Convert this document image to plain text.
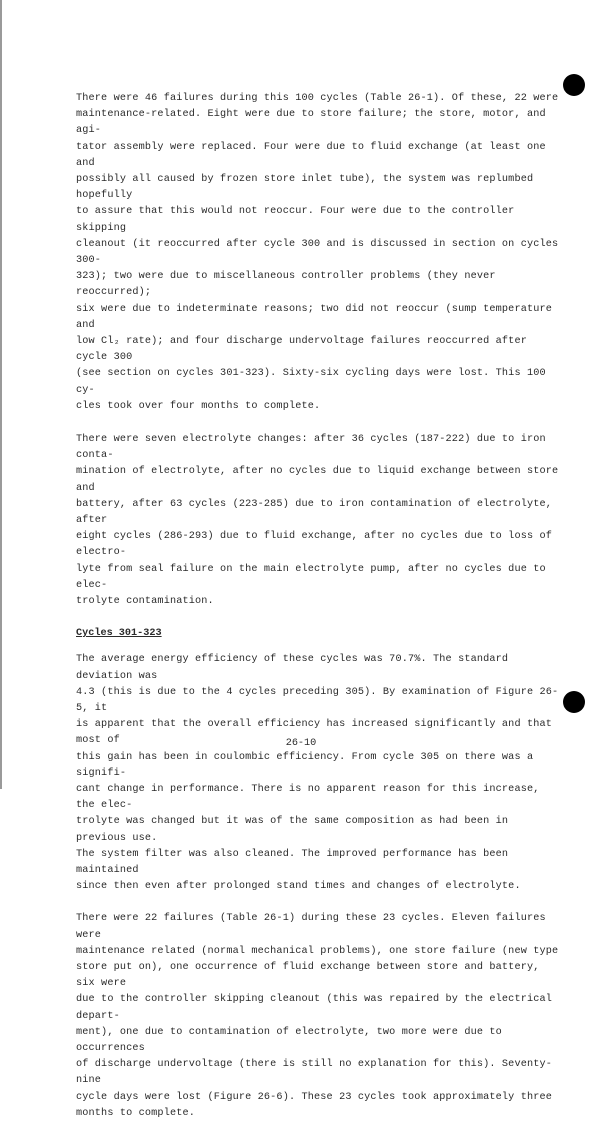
There were 46 failures during this 100 cycles (Table 26-1). Of these, 22 were
maintenance-related. Eight were due to store failure; the store, motor, and agi-
tator assembly were replaced. Four were due to fluid exchange (at least one and
possibly all caused by frozen store inlet tube), the system was replumbed hopefully
to assure that this would not reoccur. Four were due to the controller skipping
cleanout (it reoccurred after cycle 300 and is discussed in section on cycles 300-
323); two were due to miscellaneous controller problems (they never reoccurred);
six were due to indeterminate reasons; two did not reoccur (sump temperature and
low Cl₂ rate); and four discharge undervoltage failures reoccurred after cycle 300
(see section on cycles 301-323). Sixty-six cycling days were lost. This 100 cy-
cles took over four months to complete.

There were seven electrolyte changes: after 36 cycles (187-222) due to iron conta-
mination of electrolyte, after no cycles due to liquid exchange between store and
battery, after 63 cycles (223-285) due to iron contamination of electrolyte, after
eight cycles (286-293) due to fluid exchange, after no cycles due to loss of electro-
lyte from seal failure on the main electrolyte pump, after no cycles due to elec-
trolyte contamination.

Cycles 301-323

The average energy efficiency of these cycles was 70.7%. The standard deviation was
4.3 (this is due to the 4 cycles preceding 305). By examination of Figure 26-5, it
is apparent that the overall efficiency has increased significantly and that most of
this gain has been in coulombic efficiency. From cycle 305 on there was a signifi-
cant change in performance. There is no apparent reason for this increase, the elec-
trolyte was changed but it was of the same composition as had been in previous use.
The system filter was also cleaned. The improved performance has been maintained
since then even after prolonged stand times and changes of electrolyte.

There were 22 failures (Table 26-1) during these 23 cycles. Eleven failures were
maintenance related (normal mechanical problems), one store failure (new type
store put on), one occurrence of fluid exchange between store and battery, six were
due to the controller skipping cleanout (this was repaired by the electrical depart-
ment), one due to contamination of electrolyte, two more were due to occurrences
of discharge undervoltage (there is still no explanation for this). Seventy-nine
cycle days were lost (Figure 26-6). These 23 cycles took approximately three
months to complete.

26-10
